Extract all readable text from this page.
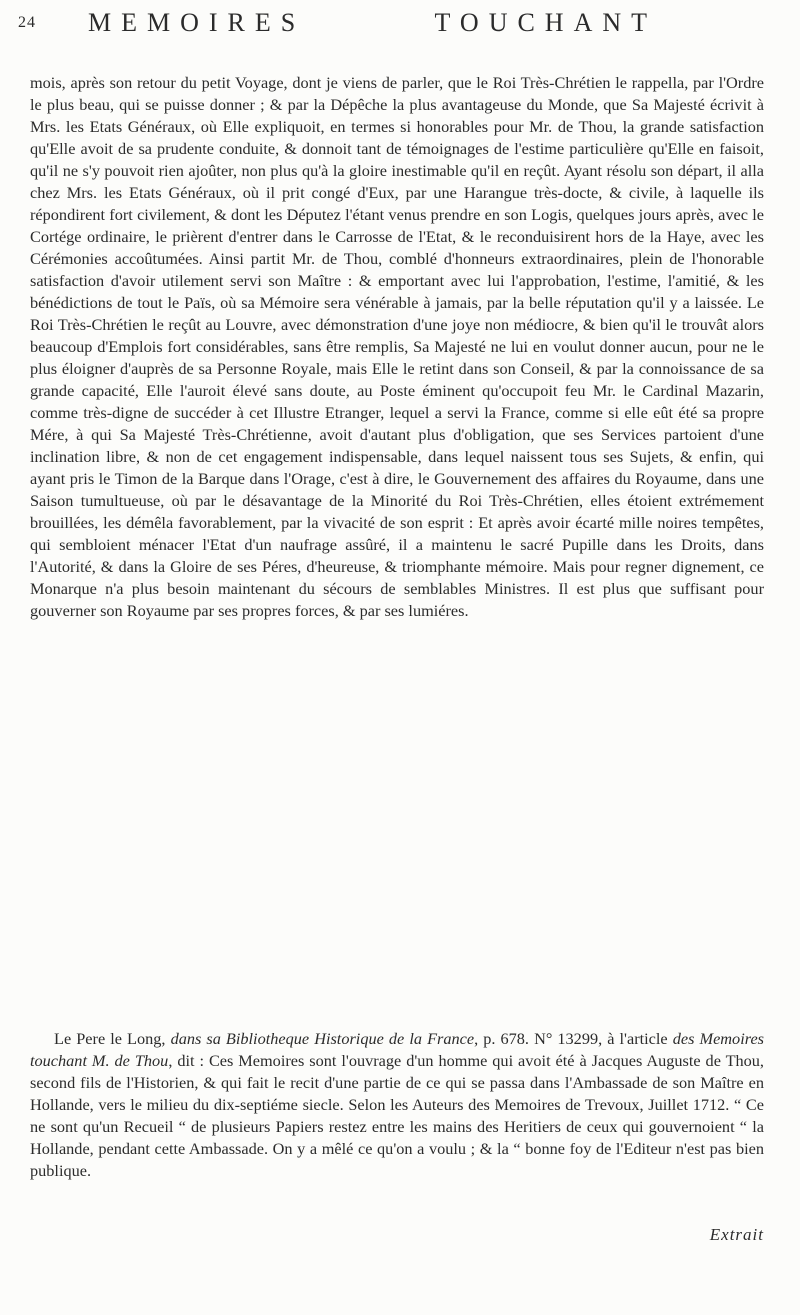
24 MEMOIRES	TOUCHANT

mois, après son retour du petit Voyage, dont je viens de parler, que le Roi Très-Chrétien le rappella, par l'Ordre le plus beau, qui se puisse donner ; & par la Dépêche la plus avantageuse du Monde, que Sa Majesté écrivit à Mrs. les Etats Généraux, où Elle expliquoit, en termes si honorables pour Mr. de Thou, la grande satisfaction qu'Elle avoit de sa prudente conduite, & donnoit tant de témoignages de l'estime particulière qu'Elle en faisoit, qu'il ne s'y pouvoit rien ajoûter, non plus qu'à la gloire inestimable qu'il en reçût. Ayant résolu son départ, il alla chez Mrs. les Etats Généraux, où il prit congé d'Eux, par une Harangue très-docte, & civile, à laquelle ils répondirent fort civilement, & dont les Députez l'étant venus prendre en son Logis, quelques jours après, avec le Cortége ordinaire, le prièrent d'entrer dans le Carrosse de l'Etat, & le reconduisirent hors de la Haye, avec les Cérémonies accoûtumées. Ainsi partit Mr. de Thou, comblé d'honneurs extraordinaires, plein de l'honorable satisfaction d'avoir utilement servi son Maître : & emportant avec lui l'approbation, l'estime, l'amitié, & les bénédictions de tout le Païs, où sa Mémoire sera vénérable à jamais, par la belle réputation qu'il y a laissée. Le Roi Très-Chrétien le reçût au Louvre, avec démonstration d'une joye non médiocre, & bien qu'il le trouvât alors beaucoup d'Emplois fort considérables, sans être remplis, Sa Majesté ne lui en voulut donner aucun, pour ne le plus éloigner d'auprès de sa Personne Royale, mais Elle le retint dans son Conseil, & par la connoissance de sa grande capacité, Elle l'auroit élevé sans doute, au Poste éminent qu'occupoit feu Mr. le Cardinal Mazarin, comme très-digne de succéder à cet Illustre Etranger, lequel a servi la France, comme si elle eût été sa propre Mére, à qui Sa Majesté Très-Chrétienne, avoit d'autant plus d'obligation, que ses Services partoient d'une inclination libre, & non de cet engagement indispensable, dans lequel naissent tous ses Sujets, & enfin, qui ayant pris le Timon de la Barque dans l'Orage, c'est à dire, le Gouvernement des affaires du Royaume, dans une Saison tumultueuse, où par le désavantage de la Minorité du Roi Très-Chrétien, elles étoient extrémement brouillées, les démêla favorablement, par la vivacité de son esprit : Et après avoir écarté mille noires tempêtes, qui sembloient ménacer l'Etat d'un naufrage assûré, il a maintenu le sacré Pupille dans les Droits, dans l'Autorité, & dans la Gloire de ses Péres, d'heureuse, & triomphante mémoire. Mais pour regner dignement, ce Monarque n'a plus besoin maintenant du sécours de semblables Ministres. Il est plus que suffisant pour gouverner son Royaume par ses propres forces, & par ses lumiéres.

Le Pere le Long, dans sa Bibliotheque Historique de la France, p. 678. N° 13299, à l'article des Memoires touchant M. de Thou, dit : Ces Memoires sont l'ouvrage d'un homme qui avoit été à Jacques Auguste de Thou, second fils de l'Historien, & qui fait le recit d'une partie de ce qui se passa dans l'Ambassade de son Maître en Hollande, vers le milieu du dix-septiéme siecle. Selon les Auteurs des Memoires de Trevoux, Juillet 1712. “ Ce ne sont qu'un Recueil “ de plusieurs Papiers restez entre les mains des Heritiers de ceux qui gouvernoient “ la Hollande, pendant cette Ambassade. On y a mêlé ce qu'on a voulu ; & la “ bonne foy de l'Editeur n'est pas bien publique.

Extrait
